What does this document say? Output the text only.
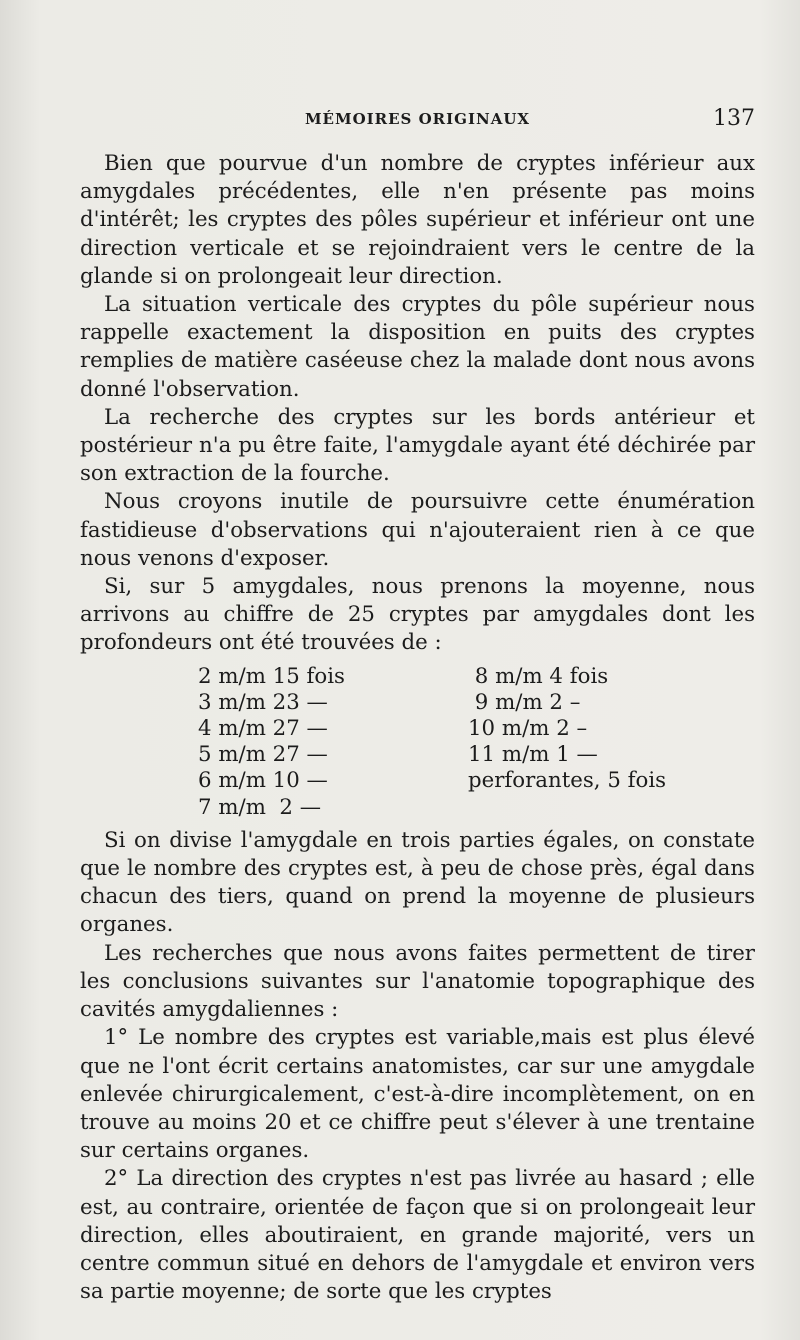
MÉMOIRES ORIGINAUX	137

Bien que pourvue d'un nombre de cryptes inférieur aux amygdales précédentes, elle n'en présente pas moins d'intérêt; les cryptes des pôles supérieur et inférieur ont une direction verticale et se rejoindraient vers le centre de la glande si on prolongeait leur direction.

La situation verticale des cryptes du pôle supérieur nous rappelle exactement la disposition en puits des cryptes remplies de matière caséeuse chez la malade dont nous avons donné l'observation.

La recherche des cryptes sur les bords antérieur et postérieur n'a pu être faite, l'amygdale ayant été déchirée par son extraction de la fourche.

Nous croyons inutile de poursuivre cette énumération fastidieuse d'observations qui n'ajouteraient rien à ce que nous venons d'exposer.

Si, sur 5 amygdales, nous prenons la moyenne, nous arrivons au chiffre de 25 cryptes par amygdales dont les profondeurs ont été trouvées de :

2 m/m 15 fois	8 m/m 4 fois
3 m/m 23 —	9 m/m 2 –
4 m/m 27 —	10 m/m 2 –
5 m/m 27 —	11 m/m 1 —
6 m/m 10 —	perforantes, 5 fois
7 m/m  2 —

Si on divise l'amygdale en trois parties égales, on constate que le nombre des cryptes est, à peu de chose près, égal dans chacun des tiers, quand on prend la moyenne de plusieurs organes.

Les recherches que nous avons faites permettent de tirer les conclusions suivantes sur l'anatomie topographique des cavités amygdaliennes :

1° Le nombre des cryptes est variable,mais est plus élevé que ne l'ont écrit certains anatomistes, car sur une amygdale enlevée chirurgicalement, c'est-à-dire incomplètement, on en trouve au moins 20 et ce chiffre peut s'élever à une trentaine sur certains organes.

2° La direction des cryptes n'est pas livrée au hasard ; elle est, au contraire, orientée de façon que si on prolongeait leur direction, elles aboutiraient, en grande majorité, vers un centre commun situé en dehors de l'amygdale et environ vers sa partie moyenne; de sorte que les cryptes
